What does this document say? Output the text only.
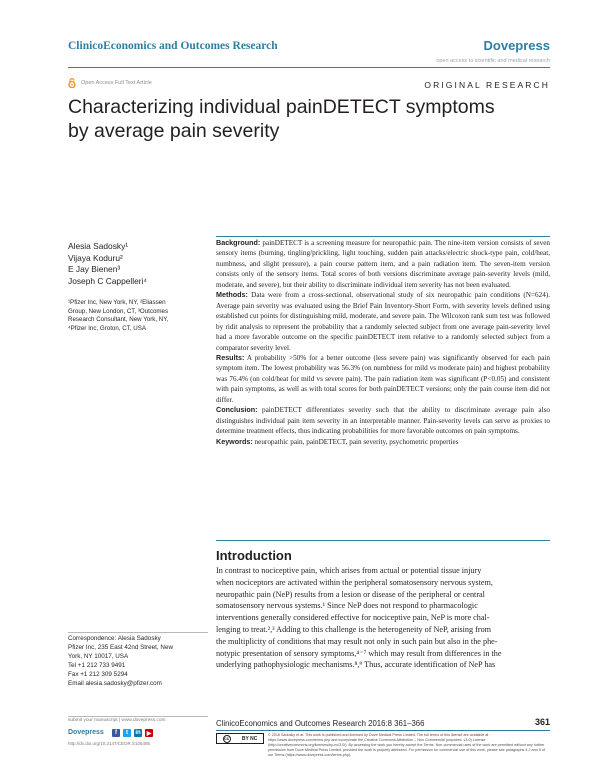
ClinicoEconomics and Outcomes Research	Dovepress
open access to scientific and medical research
Open Access Full Text Article	ORIGINAL RESEARCH
Characterizing individual painDETECT symptoms
by average pain severity
Alesia Sadosky¹
Vijaya Koduru²
E Jay Bienen³
Joseph C Cappelleri⁴
¹Pfizer Inc, New York, NY, ²Eliassen
Group, New London, CT, ³Outcomes
Research Consultant, New York, NY,
⁴Pfizer Inc, Groton, CT, USA

Background: painDETECT is a screening measure for neuropathic pain. The nine-item version consists of seven sensory items (burning, tingling/prickling, light touching, sudden pain attacks/electric shock-type pain, cold/heat, numbness, and slight pressure), a pain course pattern item, and a pain radiation item. The seven-item version consists only of the sensory items. Total scores of both versions discriminate average pain-severity levels (mild, moderate, and severe), but their ability to discriminate individual item severity has not been evaluated.

Methods: Data were from a cross-sectional, observational study of six neuropathic pain conditions (N=624). Average pain severity was evaluated using the Brief Pain Inventory-Short Form, with severity levels defined using established cut points for distinguishing mild, moderate, and severe pain. The Wilcoxon rank sum test was followed by ridit analysis to represent the probability that a randomly selected subject from one average pain-severity level had a more favorable outcome on the specific painDETECT item relative to a randomly selected subject from a comparator severity level.

Results: A probability >50% for a better outcome (less severe pain) was significantly observed for each pain symptom item. The lowest probability was 56.3% (on numbness for mild vs moderate pain) and highest probability was 76.4% (on cold/heat for mild vs severe pain). The pain radiation item was significant (P<0.05) and consistent with pain symptoms, as well as with total scores for both painDETECT versions; only the pain course item did not differ.

Conclusion: painDETECT differentiates severity such that the ability to discriminate average pain also distinguishes individual pain item severity in an interpretable manner. Pain-severity levels can serve as proxies to determine treatment effects, thus indicating probabilities for more favorable outcomes on pain symptoms.

Keywords: neuropathic pain, painDETECT, pain severity, psychometric properties

Introduction
In contrast to nociceptive pain, which arises from actual or potential tissue injury
when nociceptors are activated within the peripheral somatosensory nervous system,
neuropathic pain (NeP) results from a lesion or disease of the peripheral or central
somatosensory nervous systems.¹ Since NeP does not respond to pharmacologic
interventions generally considered effective for nociceptive pain, NeP is more chal-
lenging to treat.²,³ Adding to this challenge is the heterogeneity of NeP, arising from
the multiplicity of conditions that may result not only in such pain but also in the phe-
notypic presentation of sensory symptoms,⁴⁻⁷ which may result from differences in the
underlying pathophysiologic mechanisms.⁸,⁹ Thus, accurate identification of NeP has
Correspondence: Alesia Sadosky
Pfizer Inc, 235 East 42nd Street, New
York, NY 10017, USA
Tel +1 212 733 9491
Fax +1 212 309 5294
Email alesia.sadosky@pfizer.com
submit your manuscript | www.dovepress.com
Dovepress	f	t	in ▶
http://dx.doi.org/10.2147/CEOR.S105485
ClinicoEconomics and Outcomes Research 2016:8 361–366	361
cc	BY NC
© 2016 Sadosky et al. This work is published and licensed by Dove Medical Press Limited. The full terms of this license are available at https://www.dovepress.com/terms.php and incorporate the Creative Commons Attribution – Non Commercial (unported, v3.0) License (http://creativecommons.org/licenses/by-nc/3.0/). By accessing the work you hereby accept the Terms. Non-commercial uses of the work are permitted without any further permission from Dove Medical Press Limited, provided the work is properly attributed. For permission for commercial use of this work, please see paragraphs 4.2 and 5 of our Terms (https://www.dovepress.com/terms.php).
